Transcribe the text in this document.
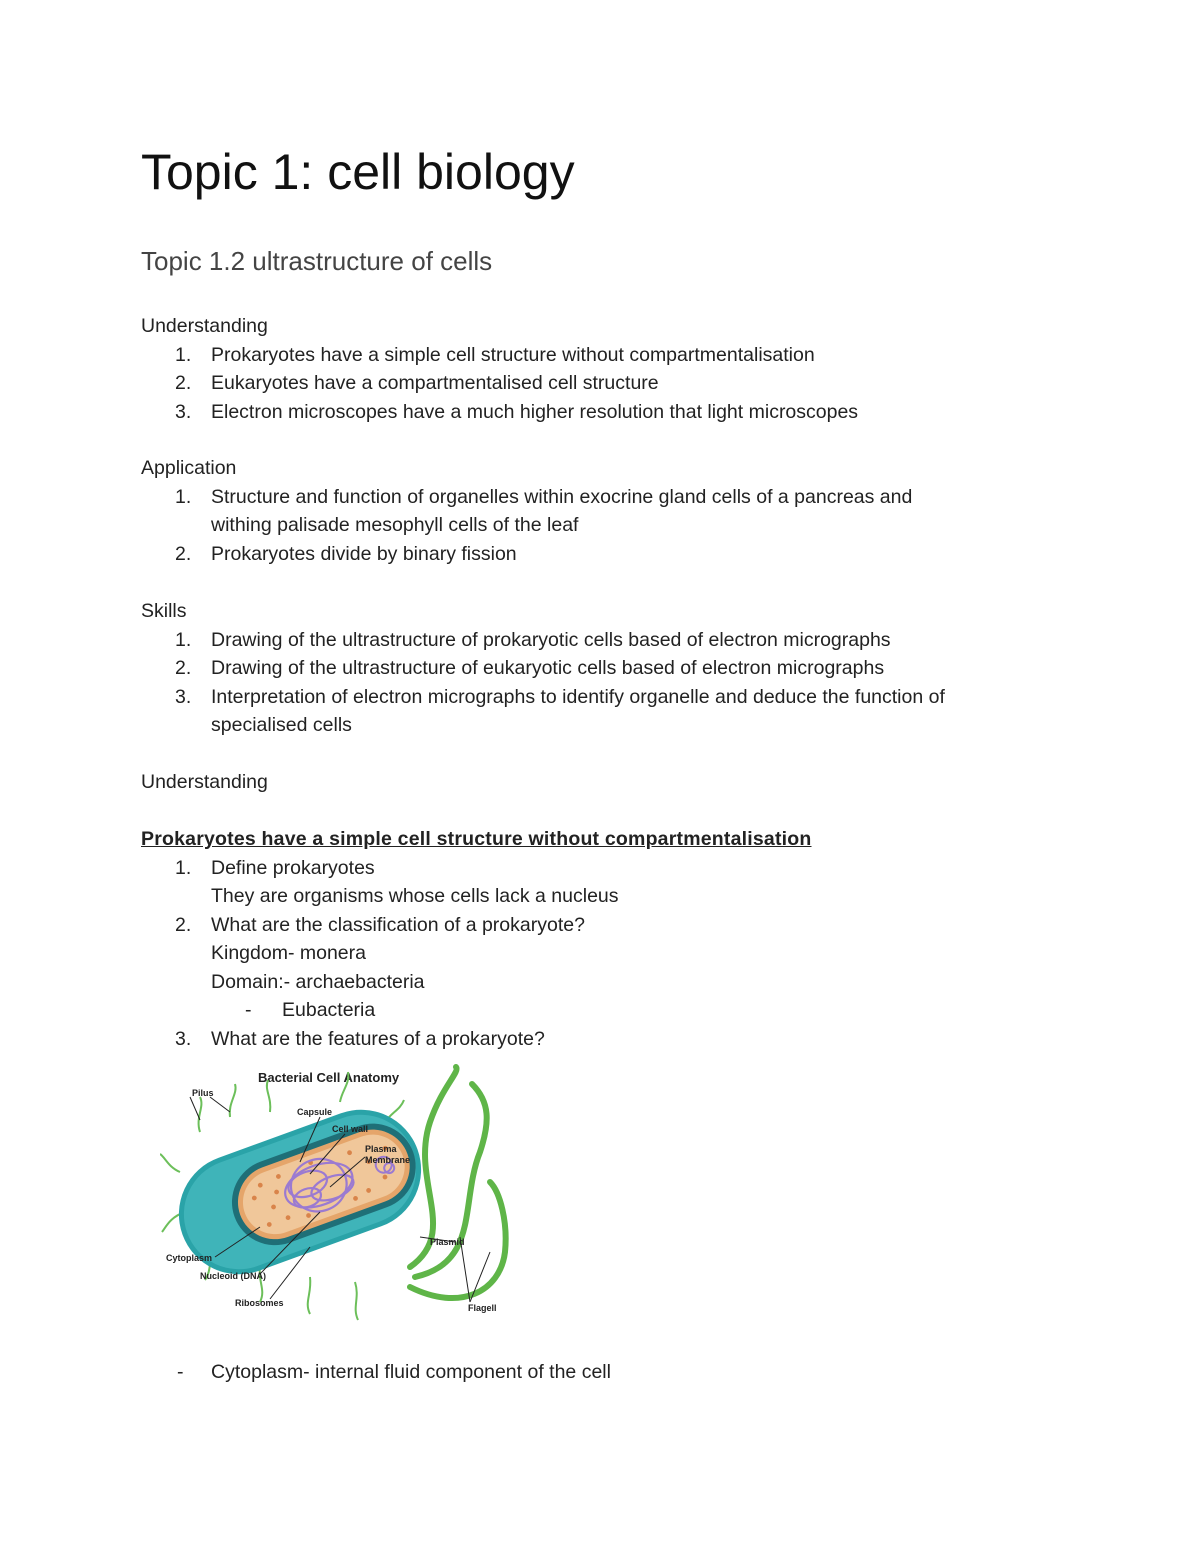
Topic 1: cell biology
Topic 1.2 ultrastructure of cells
Understanding
1.	Prokaryotes have a simple cell structure without compartmentalisation
2.	Eukaryotes have a compartmentalised cell structure
3.	Electron microscopes have a much higher resolution that light microscopes
Application
1.	Structure and function of organelles within exocrine gland cells of a pancreas and
withing palisade mesophyll cells of the leaf
2.	Prokaryotes divide by binary fission
Skills
1.	Drawing of the ultrastructure of prokaryotic cells based of electron micrographs
2.	Drawing of the ultrastructure of eukaryotic cells based of electron micrographs
3.	Interpretation of electron micrographs to identify organelle and deduce the function of
specialised cells
Understanding
Prokaryotes have a simple cell structure without compartmentalisation
1.	Define prokaryotes
They are organisms whose cells lack a nucleus
2.	What are the classification of a prokaryote?
Kingdom- monera
Domain:- archaebacteria
- Eubacteria
3.	What are the features of a prokaryote?
Bacterial Cell Anatomy
Pilus
Capsule
Cell wall
Plasma
Membrane
Plasmid
Cytoplasm
Nucleoid (DNA)
Ribosomes	Flagell
- Cytoplasm- internal fluid component of the cell
